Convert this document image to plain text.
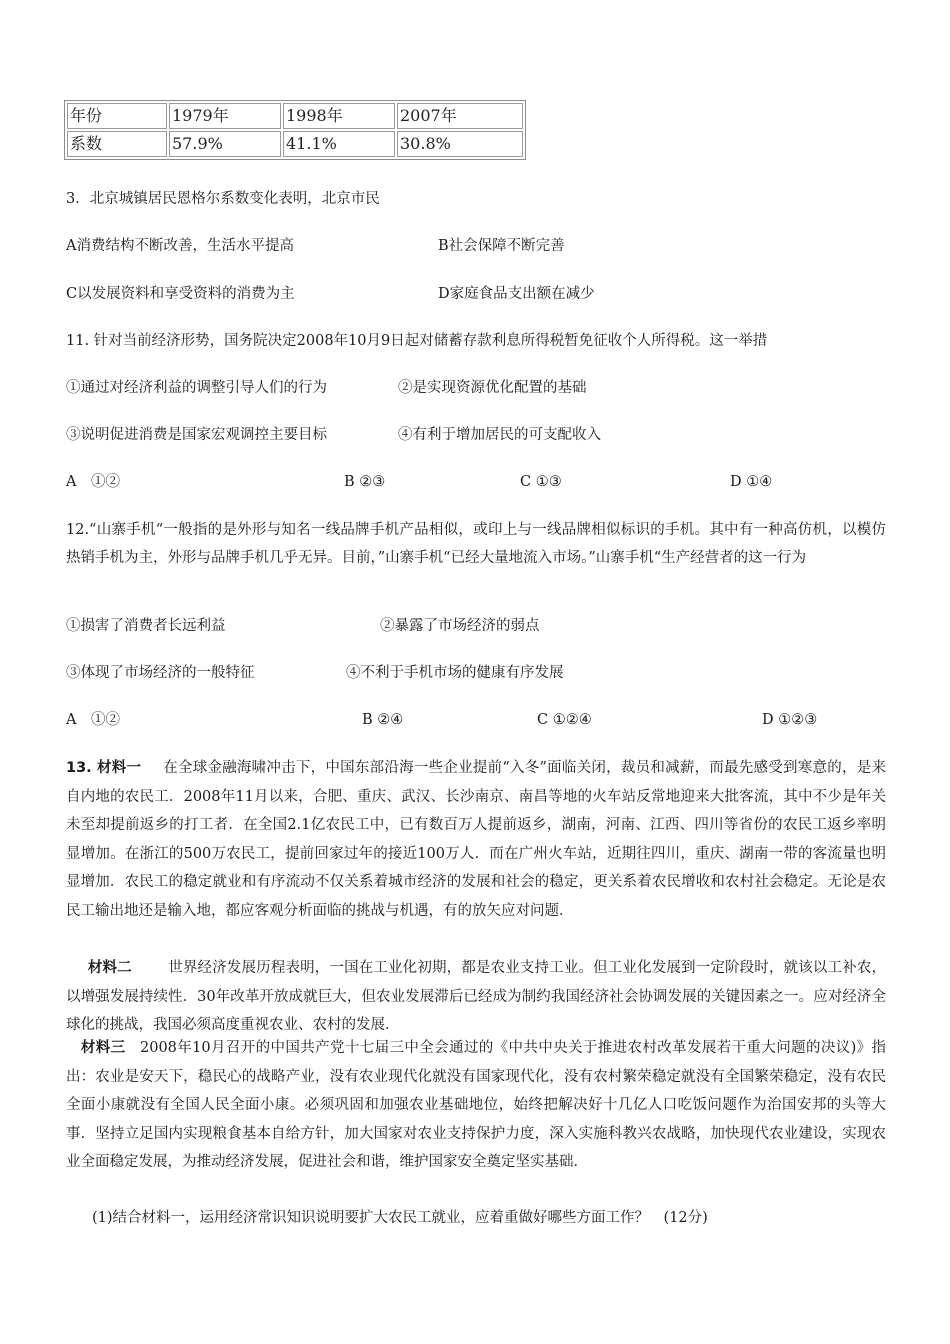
年份	1979年	1998年	2007年
系数	57.9%	41.1%	30.8%
3．北京城镇居民恩格尔系数变化表明，北京市民
A消费结构不断改善，生活水平提高	B社会保障不断完善
C以发展资料和享受资料的消费为主	D家庭食品支出额在减少
11. 针对当前经济形势，国务院决定2008年10月9日起对储蓄存款利息所得税暂免征收个人所得税。这一举措
①通过对经济利益的调整引导人们的行为	②是实现资源优化配置的基础
③说明促进消费是国家宏观调控主要目标	④有利于增加居民的可支配收入
A　①②	B ②③	C ①③	D ①④
12.“山寨手机“一般指的是外形与知名一线品牌手机产品相似，或印上与一线品牌相似标识的手机。其中有一种高仿机，以模仿热销手机为主，外形与品牌手机几乎无异。目前，”山寨手机“已经大量地流入市场。”山寨手机“生产经营者的这一行为
①损害了消费者长远利益	②暴露了市场经济的弱点
③体现了市场经济的一般特征	④不利于手机市场的健康有序发展
A　①②	B ②④	C ①②④	D ①②③
13. 材料一   在全球金融海啸冲击下，中国东部沿海一些企业提前“入冬”面临关闭，裁员和减薪，而最先感受到寒意的，是来自内地的农民工．2008年11月以来，合肥、重庆、武汉、长沙南京、南昌等地的火车站反常地迎来大批客流，其中不少是年关未至却提前返乡的打工者．在全国2.1亿农民工中，已有数百万人提前返乡，湖南，河南、江西、四川等省份的农民工返乡率明显增加。在浙江的500万农民工，提前回家过年的接近100万人．而在广州火车站，近期往四川，重庆、湖南一带的客流量也明显增加．农民工的稳定就业和有序流动不仅关系着城市经济的发展和社会的稳定，更关系着农民增收和农村社会稳定。无论是农民工输出地还是输入地，都应客观分析面临的挑战与机遇，有的放矢应对问题．
  材料二   	世界经济发展历程表明，一国在工业化初期，都是农业支持工业。但工业化发展到一定阶段时，就该以工补农，以增强发展持续性．30年改革开放成就巨大，但农业发展滞后已经成为制约我国经济社会协调发展的关键因素之一。应对经济全球化的挑战，我国必须高度重视农业、农村的发展．
  材料三  2008年10月召开的中国共产党十七届三中全会通过的《中共中央关于推进农村改革发展若干重大问题的决议)》指出：农业是安天下，稳民心的战略产业，没有农业现代化就没有国家现代化，没有农村繁荣稳定就没有全国繁荣稳定，没有农民全面小康就没有全国人民全面小康。必须巩固和加强农业基础地位，始终把解决好十几亿人口吃饭问题作为治国安邦的头等大事．坚持立足国内实现粮食基本自给方针，加大国家对农业支持保护力度，深入实施科教兴农战略，加快现代农业建设，实现农业全面稳定发展，为推动经济发展，促进社会和谐，维护国家安全奠定坚实基础．
(1)结合材料一，运用经济常识知识说明要扩大农民工就业，应着重做好哪些方面工作？　(12分)
